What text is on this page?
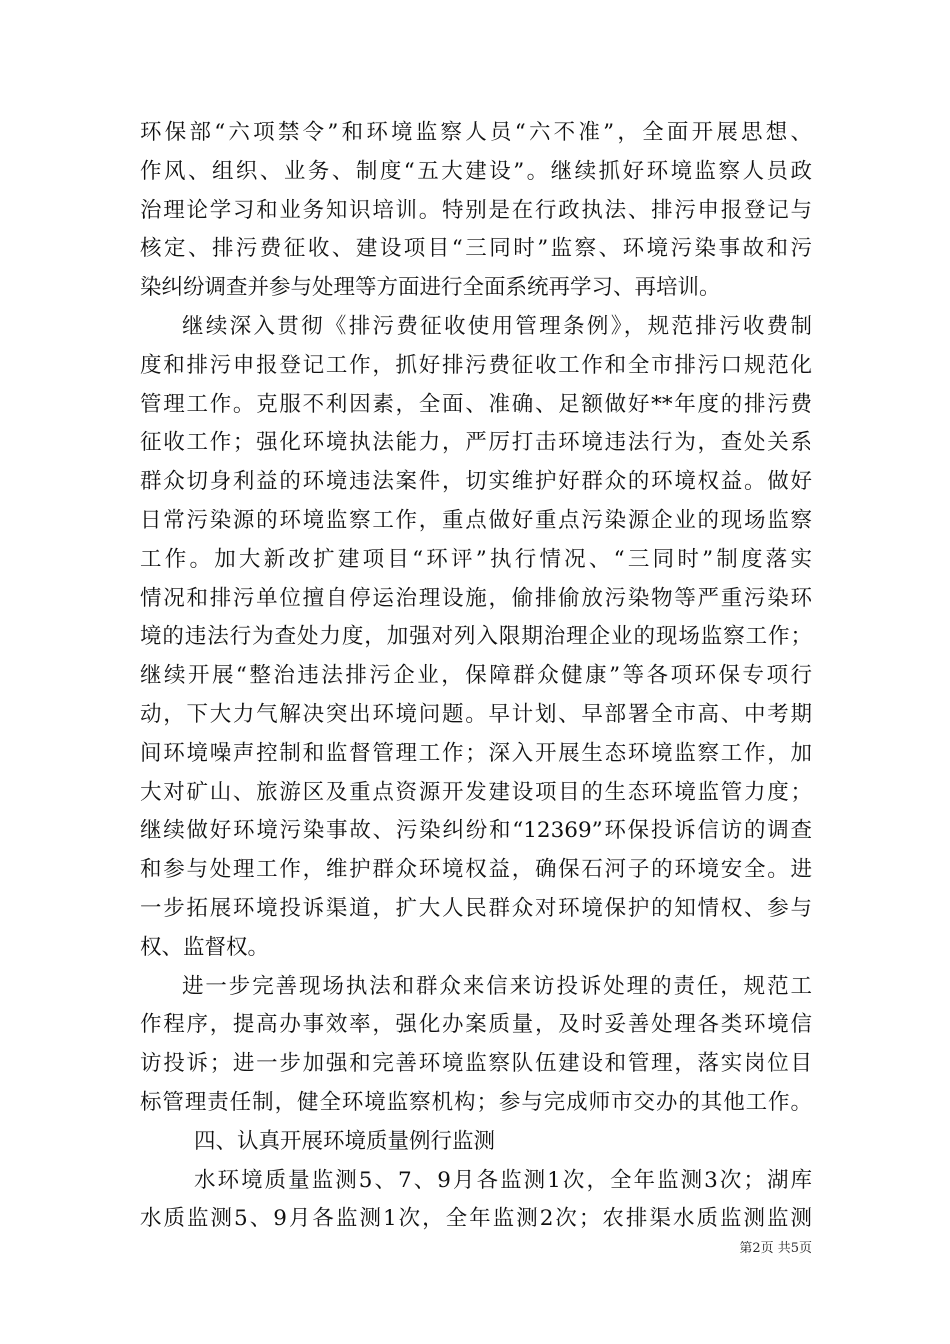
环保部“六项禁令”和环境监察人员“六不准”，全面开展思想、
作风、组织、业务、制度“五大建设”。继续抓好环境监察人员政
治理论学习和业务知识培训。特别是在行政执法、排污申报登记与
核定、排污费征收、建设项目“三同时”监察、环境污染事故和污
染纠纷调查并参与处理等方面进行全面系统再学习、再培训。
继续深入贯彻《排污费征收使用管理条例》，规范排污收费制
度和排污申报登记工作，抓好排污费征收工作和全市排污口规范化
管理工作。克服不利因素，全面、准确、足额做好**年度的排污费
征收工作；强化环境执法能力，严厉打击环境违法行为，查处关系
群众切身利益的环境违法案件，切实维护好群众的环境权益。做好
日常污染源的环境监察工作，重点做好重点污染源企业的现场监察
工作。加大新改扩建项目“环评”执行情况、“三同时”制度落实
情况和排污单位擅自停运治理设施，偷排偷放污染物等严重污染环
境的违法行为查处力度，加强对列入限期治理企业的现场监察工作；
继续开展“整治违法排污企业，保障群众健康”等各项环保专项行
动，下大力气解决突出环境问题。早计划、早部署全市高、中考期
间环境噪声控制和监督管理工作；深入开展生态环境监察工作，加
大对矿山、旅游区及重点资源开发建设项目的生态环境监管力度；
继续做好环境污染事故、污染纠纷和“12369”环保投诉信访的调查
和参与处理工作，维护群众环境权益，确保石河子的环境安全。进
一步拓展环境投诉渠道，扩大人民群众对环境保护的知情权、参与
权、监督权。
进一步完善现场执法和群众来信来访投诉处理的责任，规范工
作程序，提高办事效率，强化办案质量，及时妥善处理各类环境信
访投诉；进一步加强和完善环境监察队伍建设和管理，落实岗位目
标管理责任制，健全环境监察机构；参与完成师市交办的其他工作。
四、认真开展环境质量例行监测
水环境质量监测5、7、9月各监测1次，全年监测3次；湖库
水质监测5、9月各监测1次，全年监测2次；农排渠水质监测监测
第2页 共5页
